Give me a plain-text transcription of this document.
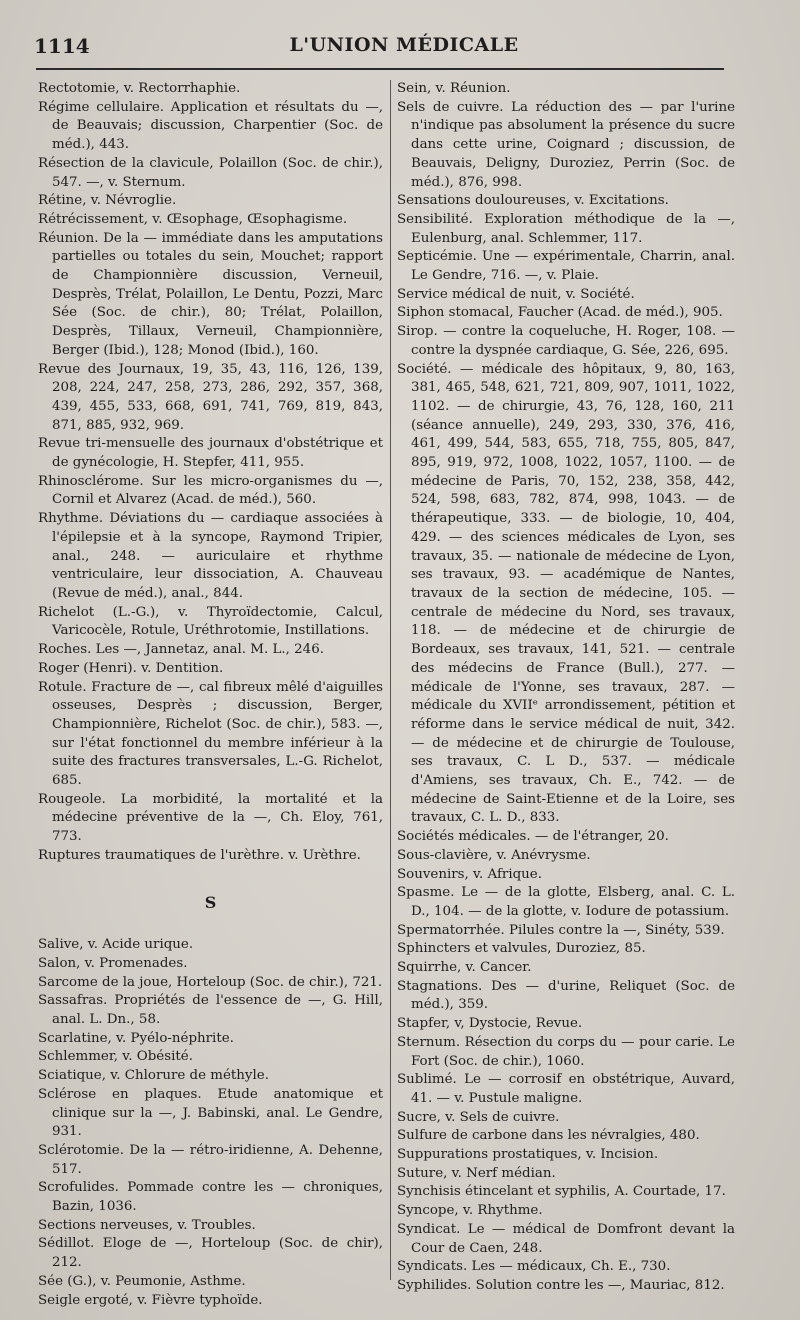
1114	L'UNION MÉDICALE

Rectotomie, v. Rectorrhaphie.

Régime cellulaire. Application et résultats du —, de Beauvais; discussion, Charpentier (Soc. de méd.), 443.

Résection de la clavicule, Polaillon (Soc. de chir.), 547. —, v. Sternum.

Rétine, v. Névroglie.

Rétrécissement, v. Œsophage, Œsophagisme.

Réunion. De la — immédiate dans les amputations partielles ou totales du sein, Mouchet; rapport de Championnière discussion, Verneuil, Desprès, Trélat, Polaillon, Le Dentu, Pozzi, Marc Sée (Soc. de chir.), 80; Trélat, Polaillon, Desprès, Tillaux, Verneuil, Championnière, Berger (Ibid.), 128; Monod (Ibid.), 160.

Revue des Journaux, 19, 35, 43, 116, 126, 139, 208, 224, 247, 258, 273, 286, 292, 357, 368, 439, 455, 533, 668, 691, 741, 769, 819, 843, 871, 885, 932, 969.

Revue tri-mensuelle des journaux d'obstétrique et de gynécologie, H. Stepfer, 411, 955.

Rhinosclérome. Sur les micro-organismes du —, Cornil et Alvarez (Acad. de méd.), 560.

Rhythme. Déviations du — cardiaque associées à l'épilepsie et à la syncope, Raymond Tripier, anal., 248. — auriculaire et rhythme ventriculaire, leur dissociation, A. Chauveau (Revue de méd.), anal., 844.

Richelot (L.-G.), v. Thyroïdectomie, Calcul, Varicocèle, Rotule, Uréthrotomie, Instillations.

Roches. Les —, Jannetaz, anal. M. L., 246.

Roger (Henri). v. Dentition.

Rotule. Fracture de —, cal fibreux mêlé d'aiguilles osseuses, Desprès ; discussion, Berger, Championnière, Richelot (Soc. de chir.), 583. —, sur l'état fonctionnel du membre inférieur à la suite des fractures transversales, L.-G. Richelot, 685.

Rougeole. La morbidité, la mortalité et la médecine préventive de la —, Ch. Eloy, 761, 773.

Ruptures traumatiques de l'urèthre. v. Urèthre.

S

Salive, v. Acide urique.

Salon, v. Promenades.

Sarcome de la joue, Horteloup (Soc. de chir.), 721.

Sassafras. Propriétés de l'essence de —, G. Hill, anal. L. Dn., 58.

Scarlatine, v. Pyélo-néphrite.

Schlemmer, v. Obésité.

Sciatique, v. Chlorure de méthyle.

Sclérose en plaques. Etude anatomique et clinique sur la —, J. Babinski, anal. Le Gendre, 931.

Sclérotomie. De la — rétro-iridienne, A. Dehenne, 517.

Scrofulides. Pommade contre les — chroniques, Bazin, 1036.

Sections nerveuses, v. Troubles.

Sédillot. Eloge de —, Horteloup (Soc. de chir), 212.

Sée (G.), v. Peumonie, Asthme.

Seigle ergoté, v. Fièvre typhoïde.

Sein, v. Réunion.

Sels de cuivre. La réduction des — par l'urine n'indique pas absolument la présence du sucre dans cette urine, Coignard ; discussion, de Beauvais, Deligny, Duroziez, Perrin (Soc. de méd.), 876, 998.

Sensations douloureuses, v. Excitations.

Sensibilité. Exploration méthodique de la —, Eulenburg, anal. Schlemmer, 117.

Septicémie. Une — expérimentale, Charrin, anal. Le Gendre, 716. —, v. Plaie.

Service médical de nuit, v. Société.

Siphon stomacal, Faucher (Acad. de méd.), 905.

Sirop. — contre la coqueluche, H. Roger, 108. — contre la dyspnée cardiaque, G. Sée, 226, 695.

Société. — médicale des hôpitaux, 9, 80, 163, 381, 465, 548, 621, 721, 809, 907, 1011, 1022, 1102. — de chirurgie, 43, 76, 128, 160, 211 (séance annuelle), 249, 293, 330, 376, 416, 461, 499, 544, 583, 655, 718, 755, 805, 847, 895, 919, 972, 1008, 1022, 1057, 1100. — de médecine de Paris, 70, 152, 238, 358, 442, 524, 598, 683, 782, 874, 998, 1043. — de thérapeutique, 333. — de biologie, 10, 404, 429. — des sciences médicales de Lyon, ses travaux, 35. — nationale de médecine de Lyon, ses travaux, 93. — académique de Nantes, travaux de la section de médecine, 105. — centrale de médecine du Nord, ses travaux, 118. — de médecine et de chirurgie de Bordeaux, ses travaux, 141, 521. — centrale des médecins de France (Bull.), 277. — médicale de l'Yonne, ses travaux, 287. — médicale du XVIIᵉ arrondissement, pétition et réforme dans le service médical de nuit, 342. — de médecine et de chirurgie de Toulouse, ses travaux, C. L D., 537. — médicale d'Amiens, ses travaux, Ch. E., 742. — de médecine de Saint-Etienne et de la Loire, ses travaux, C. L. D., 833.

Sociétés médicales. — de l'étranger, 20.

Sous-clavière, v. Anévrysme.

Souvenirs, v. Afrique.

Spasme. Le — de la glotte, Elsberg, anal. C. L. D., 104. — de la glotte, v. Iodure de potassium.

Spermatorrhée. Pilules contre la —, Sinéty, 539.

Sphincters et valvules, Duroziez, 85.

Squirrhe, v. Cancer.

Stagnations. Des — d'urine, Reliquet (Soc. de méd.), 359.

Stapfer, v, Dystocie, Revue.

Sternum. Résection du corps du — pour carie. Le Fort (Soc. de chir.), 1060.

Sublimé. Le — corrosif en obstétrique, Auvard, 41. — v. Pustule maligne.

Sucre, v. Sels de cuivre.

Sulfure de carbone dans les névralgies, 480.

Suppurations prostatiques, v. Incision.

Suture, v. Nerf médian.

Synchisis étincelant et syphilis, A. Courtade, 17.

Syncope, v. Rhythme.

Syndicat. Le — médical de Domfront devant la Cour de Caen, 248.

Syndicats. Les — médicaux, Ch. E., 730.

Syphilides. Solution contre les —, Mauriac, 812.
